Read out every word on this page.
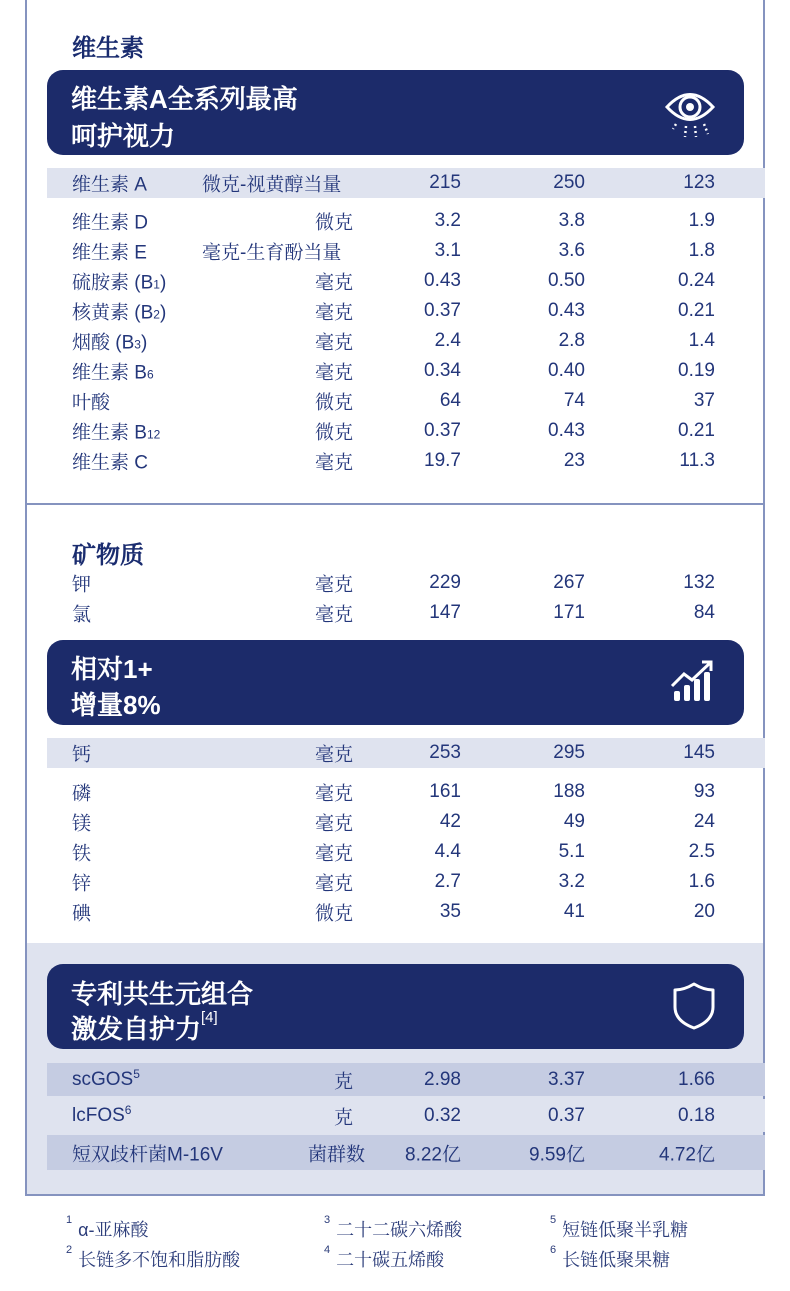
维生素
维生素A全系列最高
呵护视力
维生素 A	微克-视黄醇当量	215	250	123
维生素 D	微克	3.2	3.8	1.9
维生素 E	毫克-生育酚当量	3.1	3.6	1.8
硫胺素 (B1)	毫克	0.43	0.50	0.24
核黄素 (B2)	毫克	0.37	0.43	0.21
烟酸 (B3)	毫克	2.4	2.8	1.4
维生素 B6	毫克	0.34	0.40	0.19
叶酸	微克	64	74	37
维生素 B12	微克	0.37	0.43	0.21
维生素 C	毫克	19.7	23	11.3
矿物质
钾	毫克	229	267	132
氯	毫克	147	171	84
相对1+
增量8%
钙	毫克	253	295	145
磷	毫克	161	188	93
镁	毫克	42	49	24
铁	毫克	4.4	5.1	2.5
锌	毫克	2.7	3.2	1.6
碘	微克	35	41	20
专利共生元组合
激发自护力[4]
scGOS$^5$	克	2.98	3.37	1.66
lcFOS$^6$	克	0.32	0.37	0.18
短双歧杆菌M-16V	菌群数 8.22亿	9.59亿	4.72亿
$^1$ α-亚麻酸
$^2$ 长链多不饱和脂肪酸
$^3$ 二十二碳六烯酸
$^4$ 二十碳五烯酸
$^5$ 短链低聚半乳糖
$^6$ 长链低聚果糖
